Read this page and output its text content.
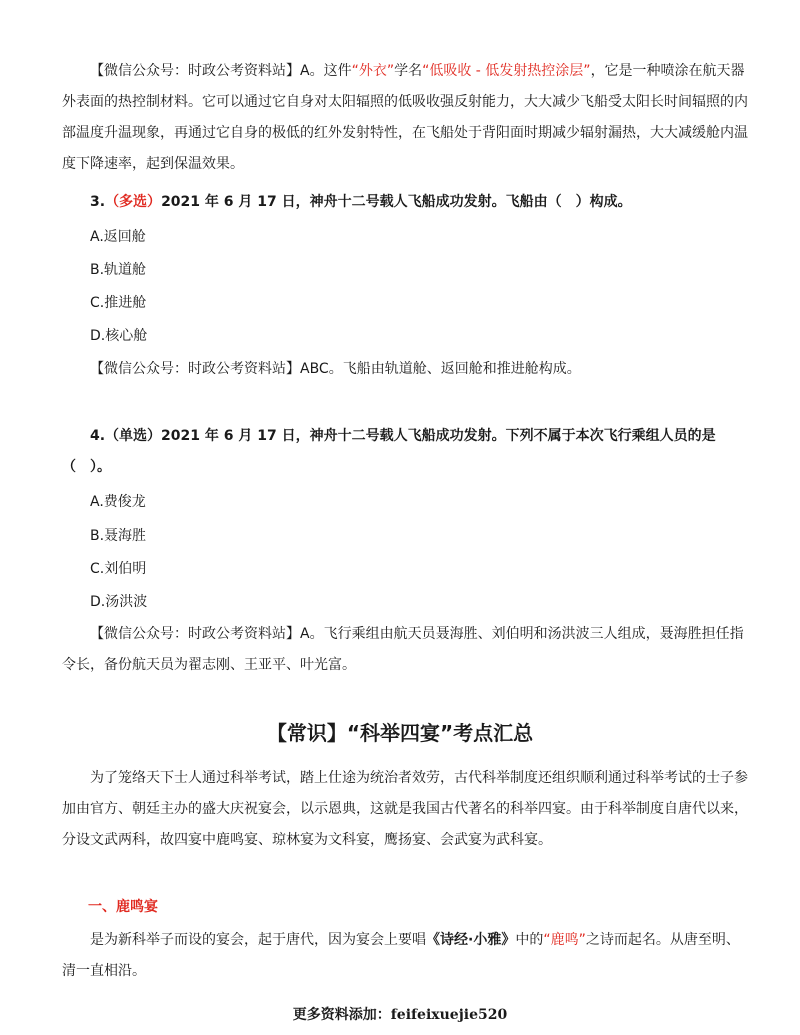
【微信公众号：时政公考资料站】A。这件“外衣”学名“低吸收 - 低发射热控涂层”，它是一种喷涂在航天器外表面的热控制材料。它可以通过它自身对太阳辐照的低吸收强反射能力，大大减少飞船受太阳长时间辐照的内部温度升温现象，再通过它自身的极低的红外发射特性，在飞船处于背阳面时期减少辐射漏热，大大减缓舱内温度下降速率，起到保温效果。

3.（多选）2021 年 6 月 17 日，神舟十二号载人飞船成功发射。飞船由（　）构成。

A.返回舱

B.轨道舱

C.推进舱

D.核心舱

【微信公众号：时政公考资料站】ABC。飞船由轨道舱、返回舱和推进舱构成。

4.（单选）2021 年 6 月 17 日，神舟十二号载人飞船成功发射。下列不属于本次飞行乘组人员的是（　）。

A.费俊龙

B.聂海胜

C.刘伯明

D.汤洪波

【微信公众号：时政公考资料站】A。飞行乘组由航天员聂海胜、刘伯明和汤洪波三人组成，聂海胜担任指令长，备份航天员为翟志刚、王亚平、叶光富。

【常识】“科举四宴”考点汇总

为了笼络天下士人通过科举考试，踏上仕途为统治者效劳，古代科举制度还组织顺利通过科举考试的士子参加由官方、朝廷主办的盛大庆祝宴会，以示恩典，这就是我国古代著名的科举四宴。由于科举制度自唐代以来，分设文武两科，故四宴中鹿鸣宴、琼林宴为文科宴，鹰扬宴、会武宴为武科宴。

一、鹿鸣宴

是为新科举子而设的宴会，起于唐代，因为宴会上要唱《诗经·小雅》中的“鹿鸣”之诗而起名。从唐至明、清一直相沿。

更多资料添加：feifeixuejie520
